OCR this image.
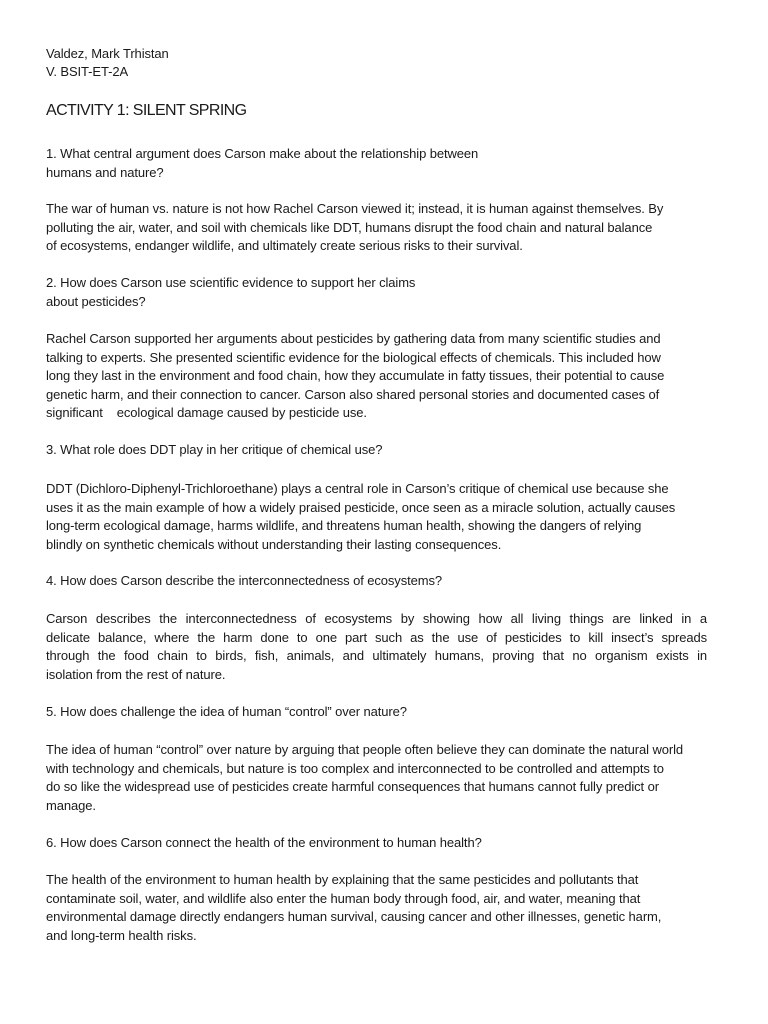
Valdez, Mark Trhistan
V. BSIT-ET-2A
ACTIVITY 1: SILENT SPRING
1. What central argument does Carson make about the relationship between
humans and nature?
The war of human vs. nature is not how Rachel Carson viewed it; instead, it is human against themselves. By
polluting the air, water, and soil with chemicals like DDT, humans disrupt the food chain and natural balance
of ecosystems, endanger wildlife, and ultimately create serious risks to their survival.
2. How does Carson use scientific evidence to support her claims
about pesticides?
Rachel Carson supported her arguments about pesticides by gathering data from many scientific studies and
talking to experts. She presented scientific evidence for the biological effects of chemicals. This included how
long they last in the environment and food chain, how they accumulate in fatty tissues, their potential to cause
genetic harm, and their connection to cancer. Carson also shared personal stories and documented cases of
significant    ecological damage caused by pesticide use.
3. What role does DDT play in her critique of chemical use?
DDT (Dichloro-Diphenyl-Trichloroethane) plays a central role in Carson’s critique of chemical use because she
uses it as the main example of how a widely praised pesticide, once seen as a miracle solution, actually causes
long-term ecological damage, harms wildlife, and threatens human health, showing the dangers of relying
blindly on synthetic chemicals without understanding their lasting consequences.
4. How does Carson describe the interconnectedness of ecosystems?
Carson describes the interconnectedness of ecosystems by showing how all living things are linked in a
delicate balance, where the harm done to one part such as the use of pesticides to kill insect’s spreads
through the food chain to birds, fish, animals, and ultimately humans, proving that no organism exists in
isolation from the rest of nature.
5. How does challenge the idea of human “control” over nature?
The idea of human “control” over nature by arguing that people often believe they can dominate the natural world
with technology and chemicals, but nature is too complex and interconnected to be controlled and attempts to
do so like the widespread use of pesticides create harmful consequences that humans cannot fully predict or
manage.
6. How does Carson connect the health of the environment to human health?
The health of the environment to human health by explaining that the same pesticides and pollutants that
contaminate soil, water, and wildlife also enter the human body through food, air, and water, meaning that
environmental damage directly endangers human survival, causing cancer and other illnesses, genetic harm,
and long-term health risks.
